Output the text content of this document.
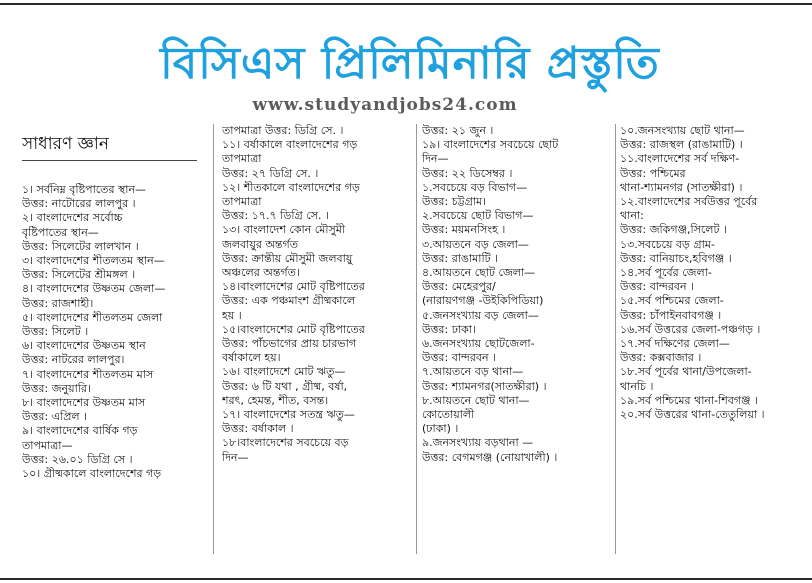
বিসিএস প্রিলিমিনারি প্রস্তুতি
www.studyandjobs24.com
সাধারণ জ্ঞান
১। সর্বনিম্ন বৃষ্টিপাতের স্থান—
উত্তর: নাটোরের লালপুর ।
২। বাংলাদেশের সর্বোচ্চ
বৃষ্টিপাতের স্থান—
উত্তর: সিলেটের লালখান ।
৩। বাংলাদেশের শীতলতম স্থান—
উত্তর: সিলেটের শ্রীমঙ্গল ।
৪। বাংলাদেশের উষ্ণতম জেলা—
উত্তর: রাজশাহী।
৫। বাংলাদেশের শীতলতম জেলা
উত্তর: সিলেট ।
৬। বাংলাদেশের উষ্ণতম স্থান
উত্তর: নাটরের লালপুর।
৭। বাংলাদেশের শীতলতম মাস
উত্তর: জনুয়ারি।
৮। বাংলাদেশের উষ্ণতম মাস
উত্তর: এপ্রিল ।
৯। বাংলাদেশের বার্ষিক গড়
তাপমাত্রা—
উত্তর: ২৬.০১ ডিগ্রি সে ।
১০। গ্রীষ্মকালে বাংলাদেশের গড়
তাপমাত্রা উত্তর: ডিগ্রি সে. ।
১১। বর্ষাকালে বাংলাদেশের গড়
তাপমাত্রা
উত্তর: ২৭ ডিগ্রি সে. ।
১২। শীতকালে বাংলাদেশের গড়
তাপমাত্রা
উত্তর: ১৭.৭ ডিগ্রি সে. ।
১৩। বাংলাদেশ কোন মৌসুমী
জলবায়ুর অন্তর্গত
উত্তর: ক্রান্তীয় মৌসুমী জলবায়ু
অঞ্চলের অন্তর্গত।
১৪।বাংলাদেশের মোট বৃষ্টিপাতের
উত্তর: এক পঞ্চমাংশ গ্রীষ্মকালে
হয় ।
১৫।বাংলাদেশের মোট বৃষ্টিপাতের
উত্তর: পাঁচভাগের প্রায় চারভাগ
বর্ষাকালে হয়।
১৬। বাংলাদেশে মোট ঋতু—
উত্তর: ৬ টি যথা , গ্রীষ্ম, বর্ষা,
শরৎ, হেমন্ত, শীত, বসন্ত।
১৭। বাংলাদেশের সতন্ত্র ঋতু—
উত্তর: বর্ষাকাল ।
১৮।বাংলাদেশের সবচেয়ে বড়
দিন—
উত্তর: ২১ জুন ।
১৯। বাংলাদেশের সবচেয়ে ছোট
দিন—
উত্তর: ২২ ডিসেম্বর ।
১.সবচেয়ে বড় বিভাগ—
উত্তর: চট্টগ্রাম।
২.সবচেয়ে ছোট বিভাগ—
উত্তর: ময়মনসিংহ ।
৩.আয়তনে বড় জেলা—
উত্তর: রাঙামাটি ।
৪.আয়তনে ছোট জেলা—
উত্তর: মেহেরপুর/
(নারায়ণগঞ্জ -উইকিপিডিয়া)
৫.জনসংখ্যায় বড় জেলা—
উত্তর: ঢাকা।
৬.জনসংখ্যায় ছোটজেলা-
উত্তর: বান্দরবন ।
৭.আয়তনে বড় থানা—
উত্তর: শ্যামনগর(সাতক্ষীরা) ।
৮.আয়তনে ছোট থানা—
কোতোয়ালী
(ঢাকা) ।
৯.জনসংখ্যায় বড়থানা —
উত্তর: বেগমগঞ্জ (নোয়াখালী) ।
১০.জনসংখ্যায় ছোট থানা—
উত্তর: রাজস্থল (রাঙামাটি) ।
১১.বাংলাদেশের সর্ব দক্ষিণ-
উত্তর: পশ্চিমের
থানা-শ্যামনগর (সাতক্ষীরা) ।
১২.বাংলাদেশের সর্বউত্তর পূর্বের
থানা:
উত্তর: জকিগঞ্জ,সিলেট ।
১৩.সবচেয়ে বড় গ্রাম-
উত্তর: বানিয়াচং,হবিগঞ্জ ।
১৪.সর্ব পূর্বের জেলা-
উত্তর: বান্দরবন ।
১৫.সর্ব পশ্চিমের জেলা-
উত্তর: চাঁপাইনবাবগঞ্জ ।
১৬.সর্ব উত্তরের জেলা-পঞ্চগড় ।
১৭.সর্ব দক্ষিণের জেলা—
উত্তর: কক্সবাজার ।
১৮.সর্ব পূর্বের থানা/উপজেলা-
থানচি ।
১৯.সর্ব পশ্চিমের থানা-শিবগঞ্জ ।
২০.সর্ব উত্তরের থানা-তেতুলিয়া ।
